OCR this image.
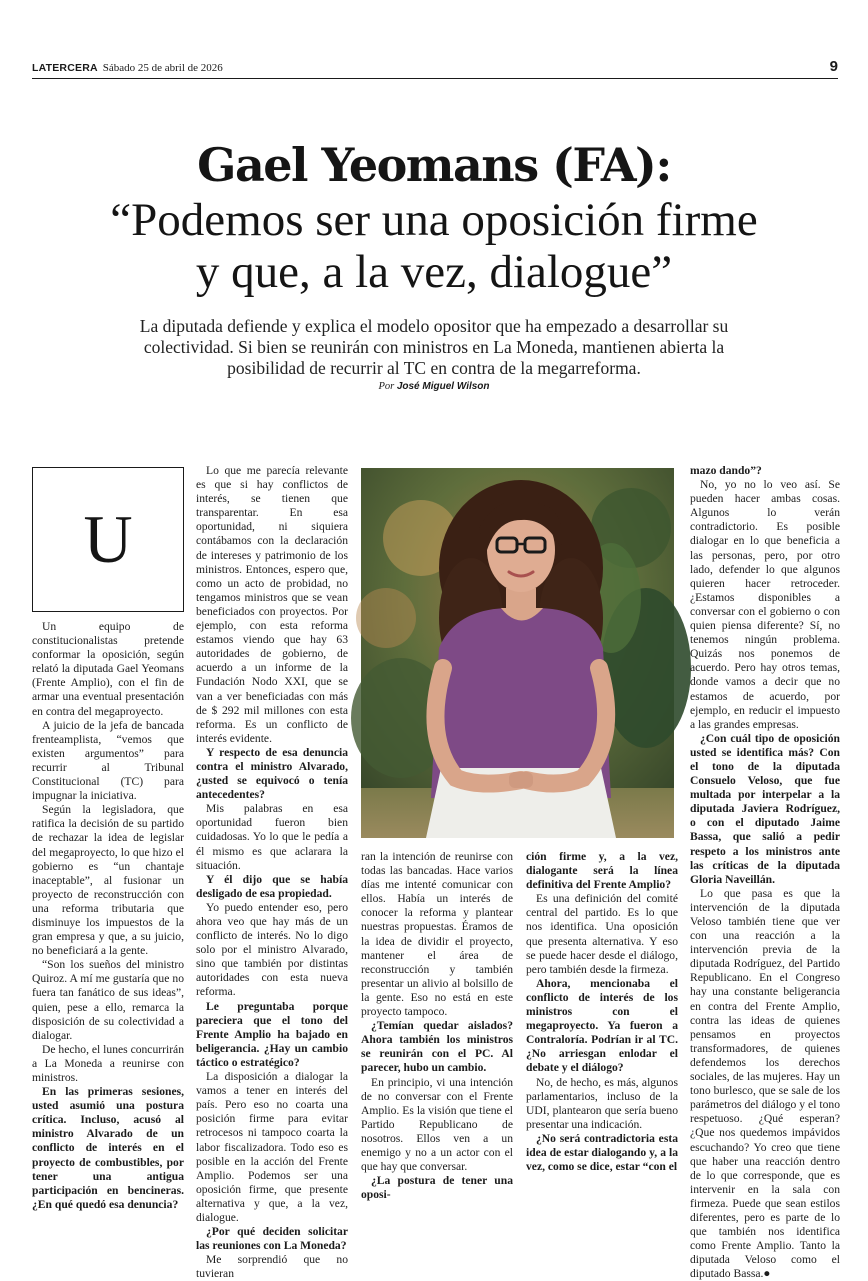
LATERCERA Sábado 25 de abril de 2026	9
Gael Yeomans (FA):
“Podemos ser una oposición firme
y que, a la vez, dialogue”
La diputada defiende y explica el modelo opositor que ha empezado a desarrollar su colectividad. Si bien se reunirán con ministros en La Moneda, mantienen abierta la posibilidad de recurrir al TC en contra de la megarreforma.
Por José Miguel Wilson
U

Un equipo de constitucionalistas pretende conformar la oposición, según relató la diputada Gael Yeomans (Frente Amplio), con el fin de armar una eventual presentación en contra del megaproyecto.

A juicio de la jefa de bancada frenteamplista, “vemos que existen argumentos” para recurrir al Tribunal Constitucional (TC) para impugnar la iniciativa.

Según la legisladora, que ratifica la decisión de su partido de rechazar la idea de legislar del megaproyecto, lo que hizo el gobierno es “un chantaje inaceptable”, al fusionar un proyecto de reconstrucción con una reforma tributaria que disminuye los impuestos de la gran empresa y que, a su juicio, no beneficiará a la gente.

“Son los sueños del ministro Quiroz. A mí me gustaría que no fuera tan fanático de sus ideas”, quien, pese a ello, remarca la disposición de su colectividad a dialogar.

De hecho, el lunes concurrirán a La Moneda a reunirse con ministros.

En las primeras sesiones, usted asumió una postura crítica. Incluso, acusó al ministro Alvarado de un conflicto de interés en el proyecto de combustibles, por tener una antigua participación en bencineras. ¿En qué quedó esa denuncia?

Lo que me parecía relevante es que si hay conflictos de interés, se tienen que transparentar. En esa oportunidad, ni siquiera contábamos con la declaración de intereses y patrimonio de los ministros. Entonces, espero que, como un acto de probidad, no tengamos ministros que se vean beneficiados con proyectos. Por ejemplo, con esta reforma estamos viendo que hay 63 autoridades de gobierno, de acuerdo a un informe de la Fundación Nodo XXI, que se van a ver beneficiadas con más de $ 292 mil millones con esta reforma. Es un conflicto de interés evidente.

Y respecto de esa denuncia contra el ministro Alvarado, ¿usted se equivocó o tenía antecedentes?

Mis palabras en esa oportunidad fueron bien cuidadosas. Yo lo que le pedía a él mismo es que aclarara la situación.

Y él dijo que se había desligado de esa propiedad.

Yo puedo entender eso, pero ahora veo que hay más de un conflicto de interés. No lo digo solo por el ministro Alvarado, sino que también por distintas autoridades con esta nueva reforma.

Le preguntaba porque pareciera que el tono del Frente Amplio ha bajado en beligerancia. ¿Hay un cambio táctico o estratégico?

La disposición a dialogar la vamos a tener en interés del país. Pero eso no coarta una posición firme para evitar retrocesos ni tampoco coarta la labor fiscalizadora. Todo eso es posible en la acción del Frente Amplio. Podemos ser una oposición firme, que presente alternativa y que, a la vez, dialogue.

¿Por qué deciden solicitar las reuniones con La Moneda?

Me sorprendió que no tuvieran

ran la intención de reunirse con todas las bancadas. Hace varios días me intenté comunicar con ellos. Había un interés de conocer la reforma y plantear nuestras propuestas. Éramos de la idea de dividir el proyecto, mantener el área de reconstrucción y también presentar un alivio al bolsillo de la gente. Eso no está en este proyecto tampoco.

¿Temían quedar aislados? Ahora también los ministros se reunirán con el PC. Al parecer, hubo un cambio.

En principio, vi una intención de no conversar con el Frente Amplio. Es la visión que tiene el Partido Republicano de nosotros. Ellos ven a un enemigo y no a un actor con el que hay que conversar.

¿La postura de tener una oposi-

ción firme y, a la vez, dialogante será la línea definitiva del Frente Amplio?

Es una definición del comité central del partido. Es lo que nos identifica. Una oposición que presenta alternativa. Y eso se puede hacer desde el diálogo, pero también desde la firmeza.

Ahora, mencionaba el conflicto de interés de los ministros con el megaproyecto. Ya fueron a Contraloría. Podrían ir al TC. ¿No arriesgan enlodar el debate y el diálogo?

No, de hecho, es más, algunos parlamentarios, incluso de la UDI, plantearon que sería bueno presentar una indicación.

¿No será contradictoria esta idea de estar dialogando y, a la vez, como se dice, estar “con el

mazo dando”?

No, yo no lo veo así. Se pueden hacer ambas cosas. Algunos lo verán contradictorio. Es posible dialogar en lo que beneficia a las personas, pero, por otro lado, defender lo que algunos quieren hacer retroceder. ¿Estamos disponibles a conversar con el gobierno o con quien piensa diferente? Sí, no tenemos ningún problema. Quizás nos ponemos de acuerdo. Pero hay otros temas, donde vamos a decir que no estamos de acuerdo, por ejemplo, en reducir el impuesto a las grandes empresas.

¿Con cuál tipo de oposición usted se identifica más? Con el tono de la diputada Consuelo Veloso, que fue multada por interpelar a la diputada Javiera Rodríguez, o con el diputado Jaime Bassa, que salió a pedir respeto a los ministros ante las críticas de la diputada Gloria Naveillán.

Lo que pasa es que la intervención de la diputada Veloso también tiene que ver con una reacción a la intervención previa de la diputada Rodríguez, del Partido Republicano. En el Congreso hay una constante beligerancia en contra del Frente Amplio, contra las ideas de quienes pensamos en proyectos transformadores, de quienes defendemos los derechos sociales, de las mujeres. Hay un tono burlesco, que se sale de los parámetros del diálogo y el tono respetuoso. ¿Qué esperan? ¿Que nos quedemos impávidos escuchando? Yo creo que tiene que haber una reacción dentro de lo que corresponde, que es intervenir en la sala con firmeza. Puede que sean estilos diferentes, pero es parte de lo que también nos identifica como Frente Amplio. Tanto la diputada Veloso como el diputado Bassa.●
